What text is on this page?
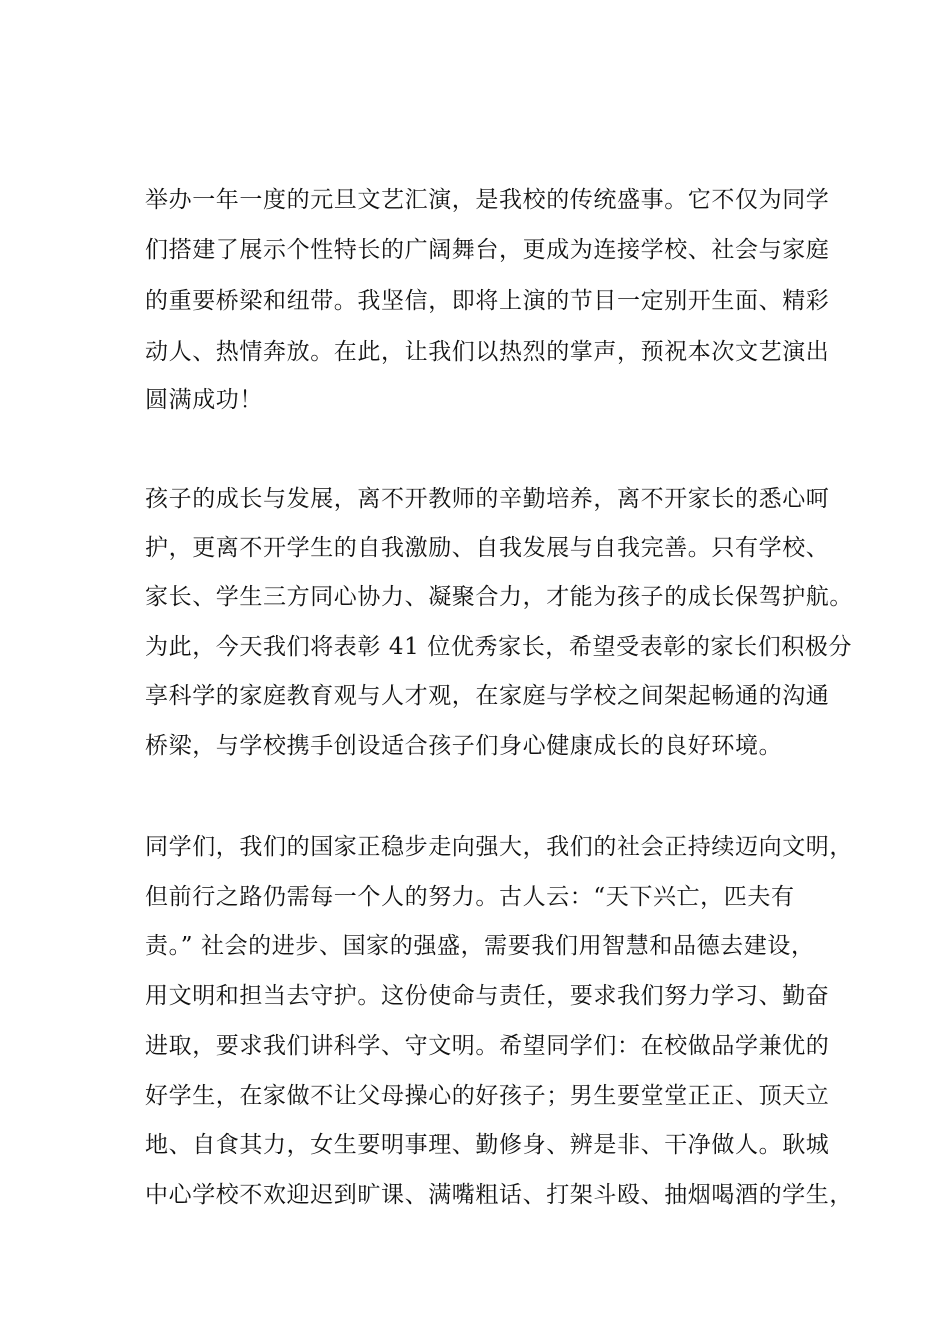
举办一年一度的元旦文艺汇演，是我校的传统盛事。它不仅为同学
们搭建了展示个性特长的广阔舞台，更成为连接学校、社会与家庭
的重要桥梁和纽带。我坚信，即将上演的节目一定别开生面、精彩
动人、热情奔放。在此，让我们以热烈的掌声，预祝本次文艺演出
圆满成功！
孩子的成长与发展，离不开教师的辛勤培养，离不开家长的悉心呵
护，更离不开学生的自我激励、自我发展与自我完善。只有学校、
家长、学生三方同心协力、凝聚合力，才能为孩子的成长保驾护航。
为此，今天我们将表彰 41 位优秀家长，希望受表彰的家长们积极分
享科学的家庭教育观与人才观，在家庭与学校之间架起畅通的沟通
桥梁，与学校携手创设适合孩子们身心健康成长的良好环境。
同学们，我们的国家正稳步走向强大，我们的社会正持续迈向文明，
但前行之路仍需每一个人的努力。古人云：“天下兴亡，匹夫有
责。” 社会的进步、国家的强盛，需要我们用智慧和品德去建设，
用文明和担当去守护。这份使命与责任，要求我们努力学习、勤奋
进取，要求我们讲科学、守文明。希望同学们：在校做品学兼优的
好学生，在家做不让父母操心的好孩子；男生要堂堂正正、顶天立
地、自食其力，女生要明事理、勤修身、辨是非、干净做人。耿城
中心学校不欢迎迟到旷课、满嘴粗话、打架斗殴、抽烟喝酒的学生，
